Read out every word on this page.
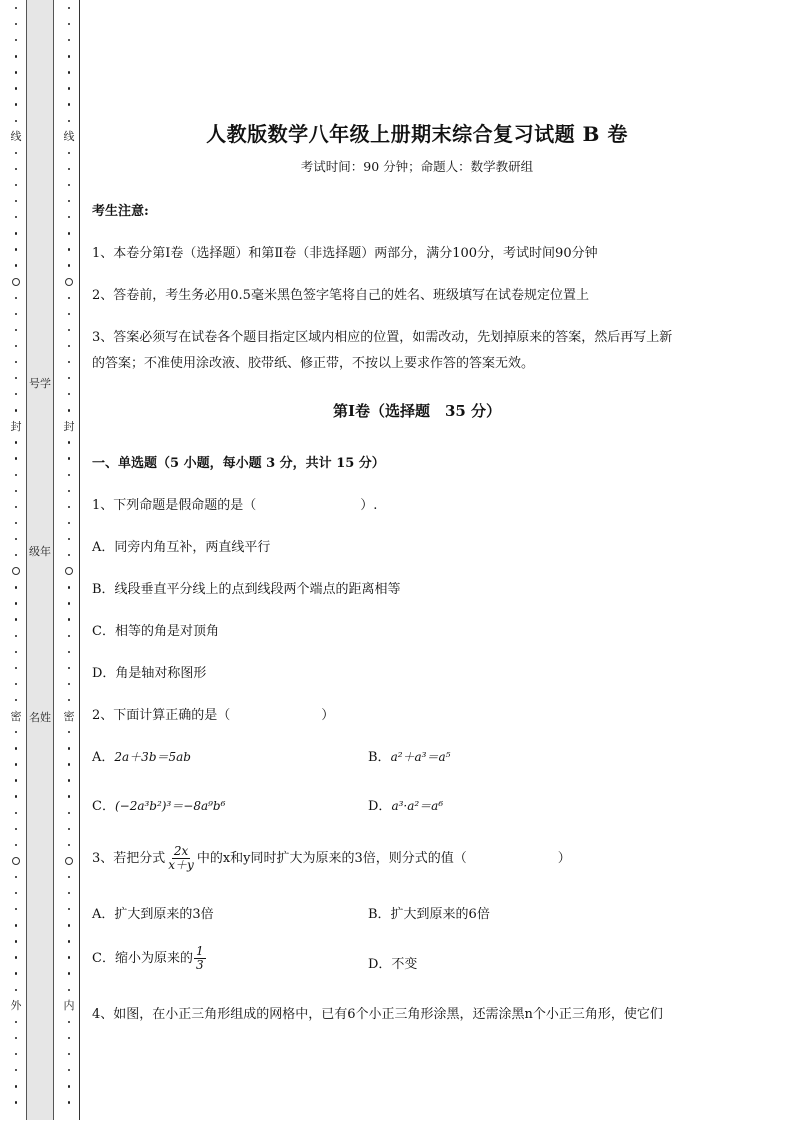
线
封
密
外
号学
级年
名姓
线
封
密
内
人教版数学八年级上册期末综合复习试题 B 卷
考试时间：90 分钟；命题人：数学教研组
考生注意:
1、本卷分第Ⅰ卷（选择题）和第Ⅱ卷（非选择题）两部分，满分100分，考试时间90分钟
2、答卷前，考生务必用0.5毫米黑色签字笔将自己的姓名、班级填写在试卷规定位置上
3、答案必须写在试卷各个题目指定区域内相应的位置，如需改动，先划掉原来的答案，然后再写上新
的答案；不准使用涂改液、胶带纸、修正带，不按以上要求作答的答案无效。
第Ⅰ卷（选择题　35 分）
一、单选题（5 小题，每小题 3 分，共计 15 分）
1、下列命题是假命题的是（　　　　　　　　）.
A．同旁内角互补，两直线平行
B．线段垂直平分线上的点到线段两个端点的距离相等
C．相等的角是对顶角
D．角是轴对称图形
2、下面计算正确的是（　　　　　　　）
A．2a＋3b＝5ab	B．a²＋a³＝a⁵
C．(−2a³b²)³＝−8a⁹b⁶	D．a³·a²＝a⁶
3、若把分式 $\frac{2x}{x+y}$ 中的x和y同时扩大为原来的3倍，则分式的值（　　　　　　　）
A．扩大到原来的3倍	B．扩大到原来的6倍
C．缩小为原来的 $\frac{1}{3}$	D．不变
4、如图，在小正三角形组成的网格中，已有6个小正三角形涂黑，还需涂黑n个小正三角形，使它们
